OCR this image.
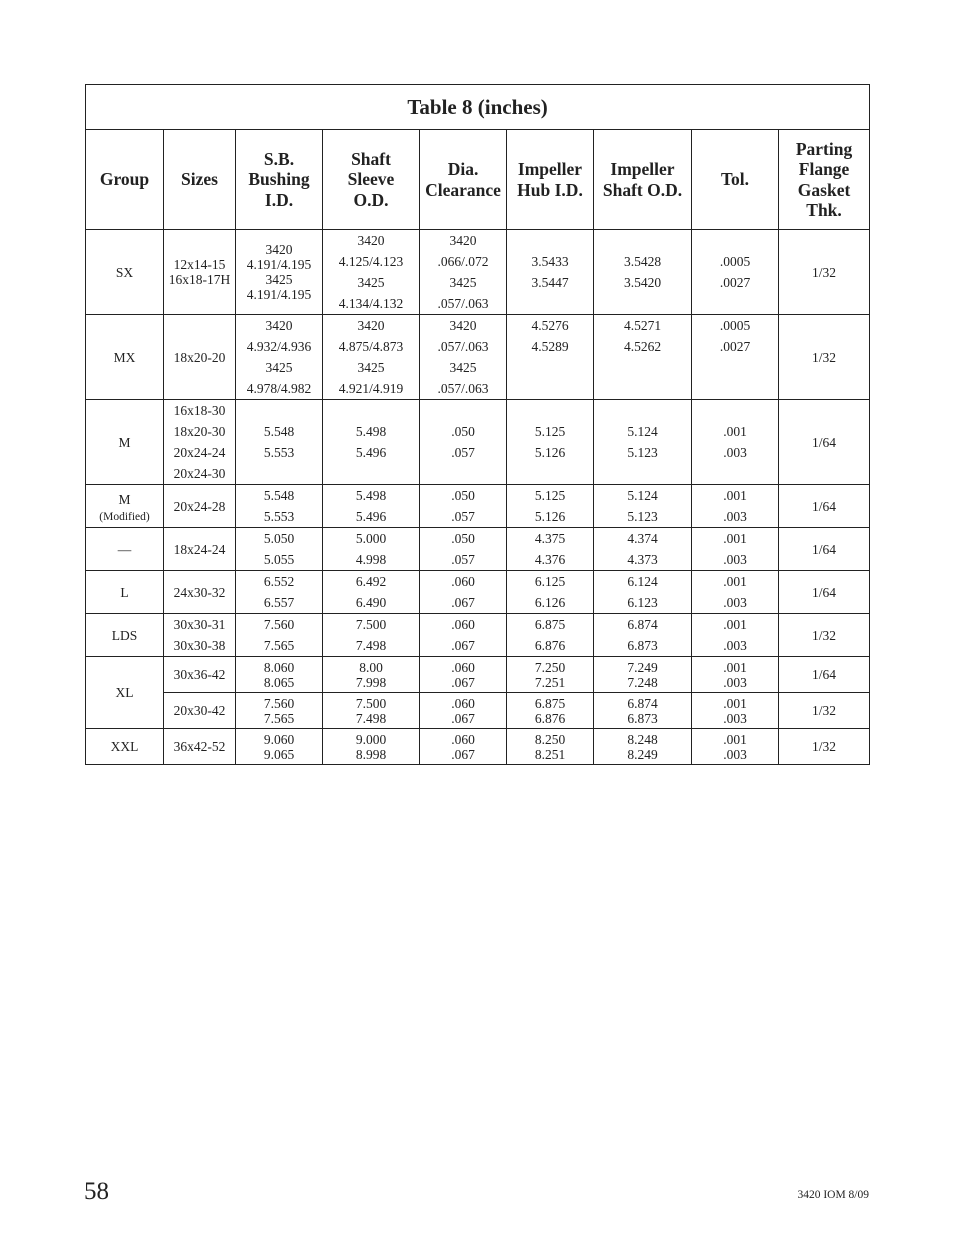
Table 8 (inches)								

Group	Sizes	S.B.
Bushing
I.D.	Shaft
Sleeve
O.D.	Dia.
Clearance	Impeller
Hub I.D.	Impeller
Shaft O.D.	Tol.	Parting
Flange
Gasket
Thk.

SX	12x14-15
16x18-17H	3420
4.191/4.195
3425
4.191/4.195	3420
4.125/4.123
3425
4.134/4.132	3420
.066/.072
3425
.057/.063	3.5433
3.5447	3.5428
3.5420	.0005
.0027	1/32

MX	18x20-20	3420
4.932/4.936
3425
4.978/4.982	3420
4.875/4.873
3425
4.921/4.919	3420
.057/.063
3425
.057/.063	4.5276
4.5289	4.5271
4.5262	.0005
.0027	1/32

M	16x18-30
18x20-30
20x24-24
20x24-30	5.548
5.553	5.498
5.496	.050
.057	5.125
5.126	5.124
5.123	.001
.003	1/64

M
(Modified)	20x24-28	5.548
5.553	5.498
5.496	.050
.057	5.125
5.126	5.124
5.123	.001
.003	1/64

—	18x24-24	5.050
5.055	5.000
4.998	.050
.057	4.375
4.376	4.374
4.373	.001
.003	1/64

L	24x30-32	6.552
6.557	6.492
6.490	.060
.067	6.125
6.126	6.124
6.123	.001
.003	1/64

LDS	30x30-31
30x30-38	7.560
7.565	7.500
7.498	.060
.067	6.875
6.876	6.874
6.873	.001
.003	1/32

XL	30x36-42	8.060
8.065	8.00
7.998	.060
.067	7.250
7.251	7.249
7.248	.001
.003	1/64

	20x30-42	7.560
7.565	7.500
7.498	.060
.067	6.875
6.876	6.874
6.873	.001
.003	1/32

XXL	36x42-52	9.060
9.065	9.000
8.998	.060
.067	8.250
8.251	8.248
8.249	.001
.003	1/32
58	3420 IOM 8/09
